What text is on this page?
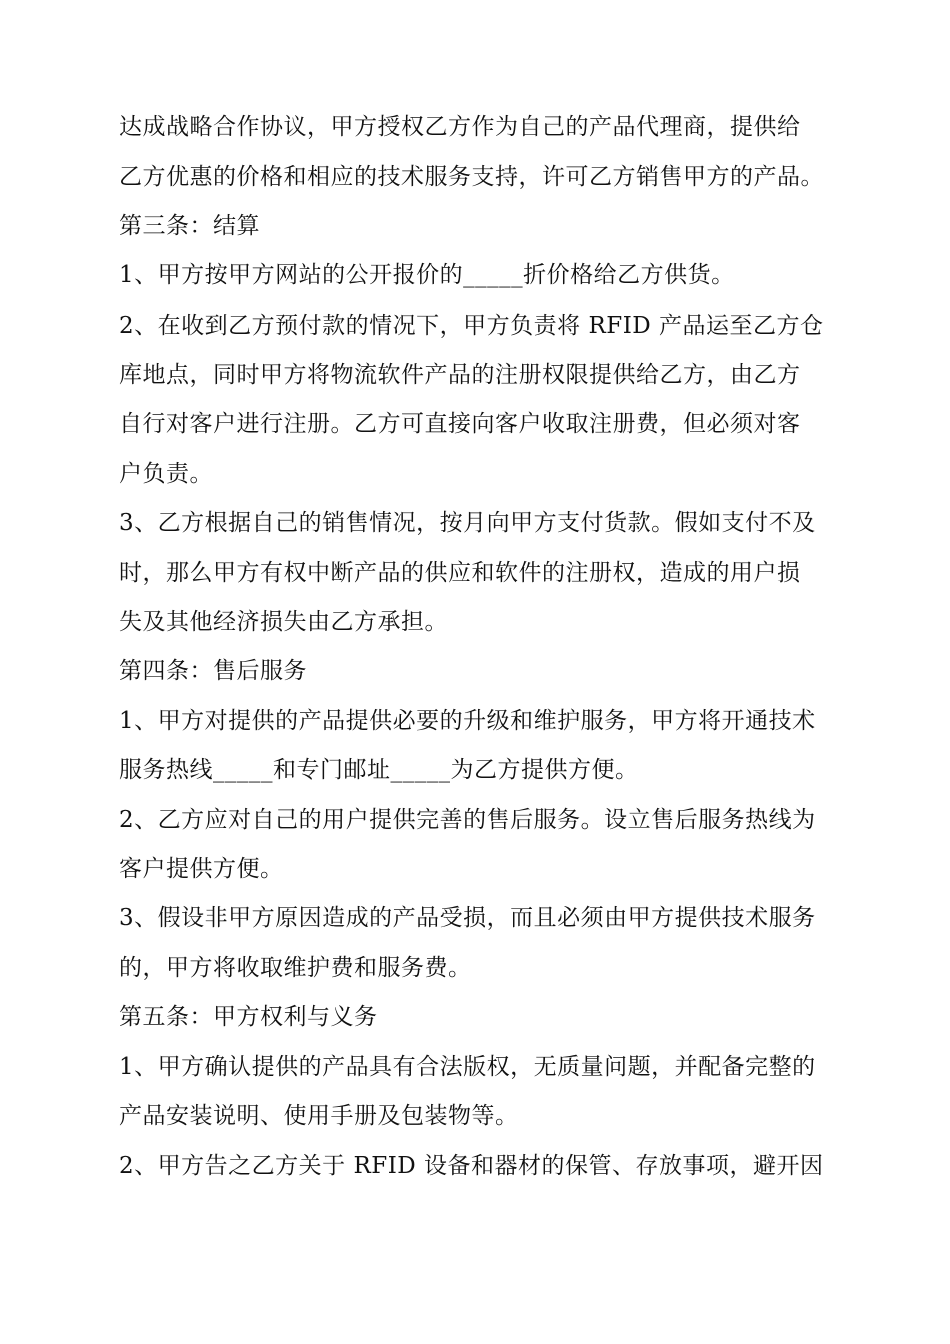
达成战略合作协议，甲方授权乙方作为自己的产品代理商，提供给
乙方优惠的价格和相应的技术服务支持，许可乙方销售甲方的产品。
第三条：结算
1、甲方按甲方网站的公开报价的_____折价格给乙方供货。
2、在收到乙方预付款的情况下，甲方负责将 RFID 产品运至乙方仓
库地点，同时甲方将物流软件产品的注册权限提供给乙方，由乙方
自行对客户进行注册。乙方可直接向客户收取注册费，但必须对客
户负责。
3、乙方根据自己的销售情况，按月向甲方支付货款。假如支付不及
时，那么甲方有权中断产品的供应和软件的注册权，造成的用户损
失及其他经济损失由乙方承担。
第四条：售后服务
1、甲方对提供的产品提供必要的升级和维护服务，甲方将开通技术
服务热线_____和专门邮址_____为乙方提供方便。
2、乙方应对自己的用户提供完善的售后服务。设立售后服务热线为
客户提供方便。
3、假设非甲方原因造成的产品受损，而且必须由甲方提供技术服务
的，甲方将收取维护费和服务费。
第五条：甲方权利与义务
1、甲方确认提供的产品具有合法版权，无质量问题，并配备完整的
产品安装说明、使用手册及包装物等。
2、甲方告之乙方关于 RFID 设备和器材的保管、存放事项，避开因
